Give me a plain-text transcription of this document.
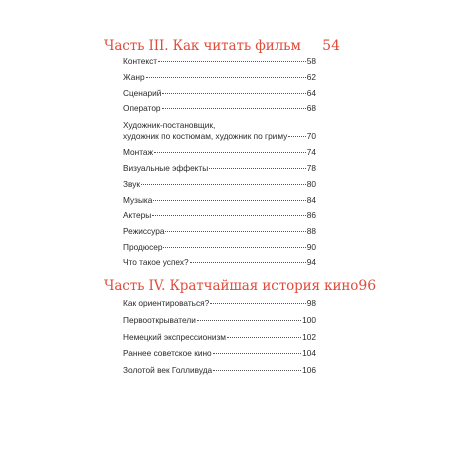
Часть III. Как читать фильм 54
Контекст	58
Жанр	62
Сценарий	64
Оператор	68
Художник-постановщик,
художник по костюмам, художник по гриму 70
Монтаж	74
Визуальные эффекты	78
Звук	80
Музыка	84
Актеры	86
Режиссура	88
Продюсер	90
Что такое успех?	94
Часть IV. Кратчайшая история кино 96
Как ориентироваться?	98
Первооткрыватели	100
Немецкий экспрессионизм	102
Раннее советское кино	104
Золотой век Голливуда	106
